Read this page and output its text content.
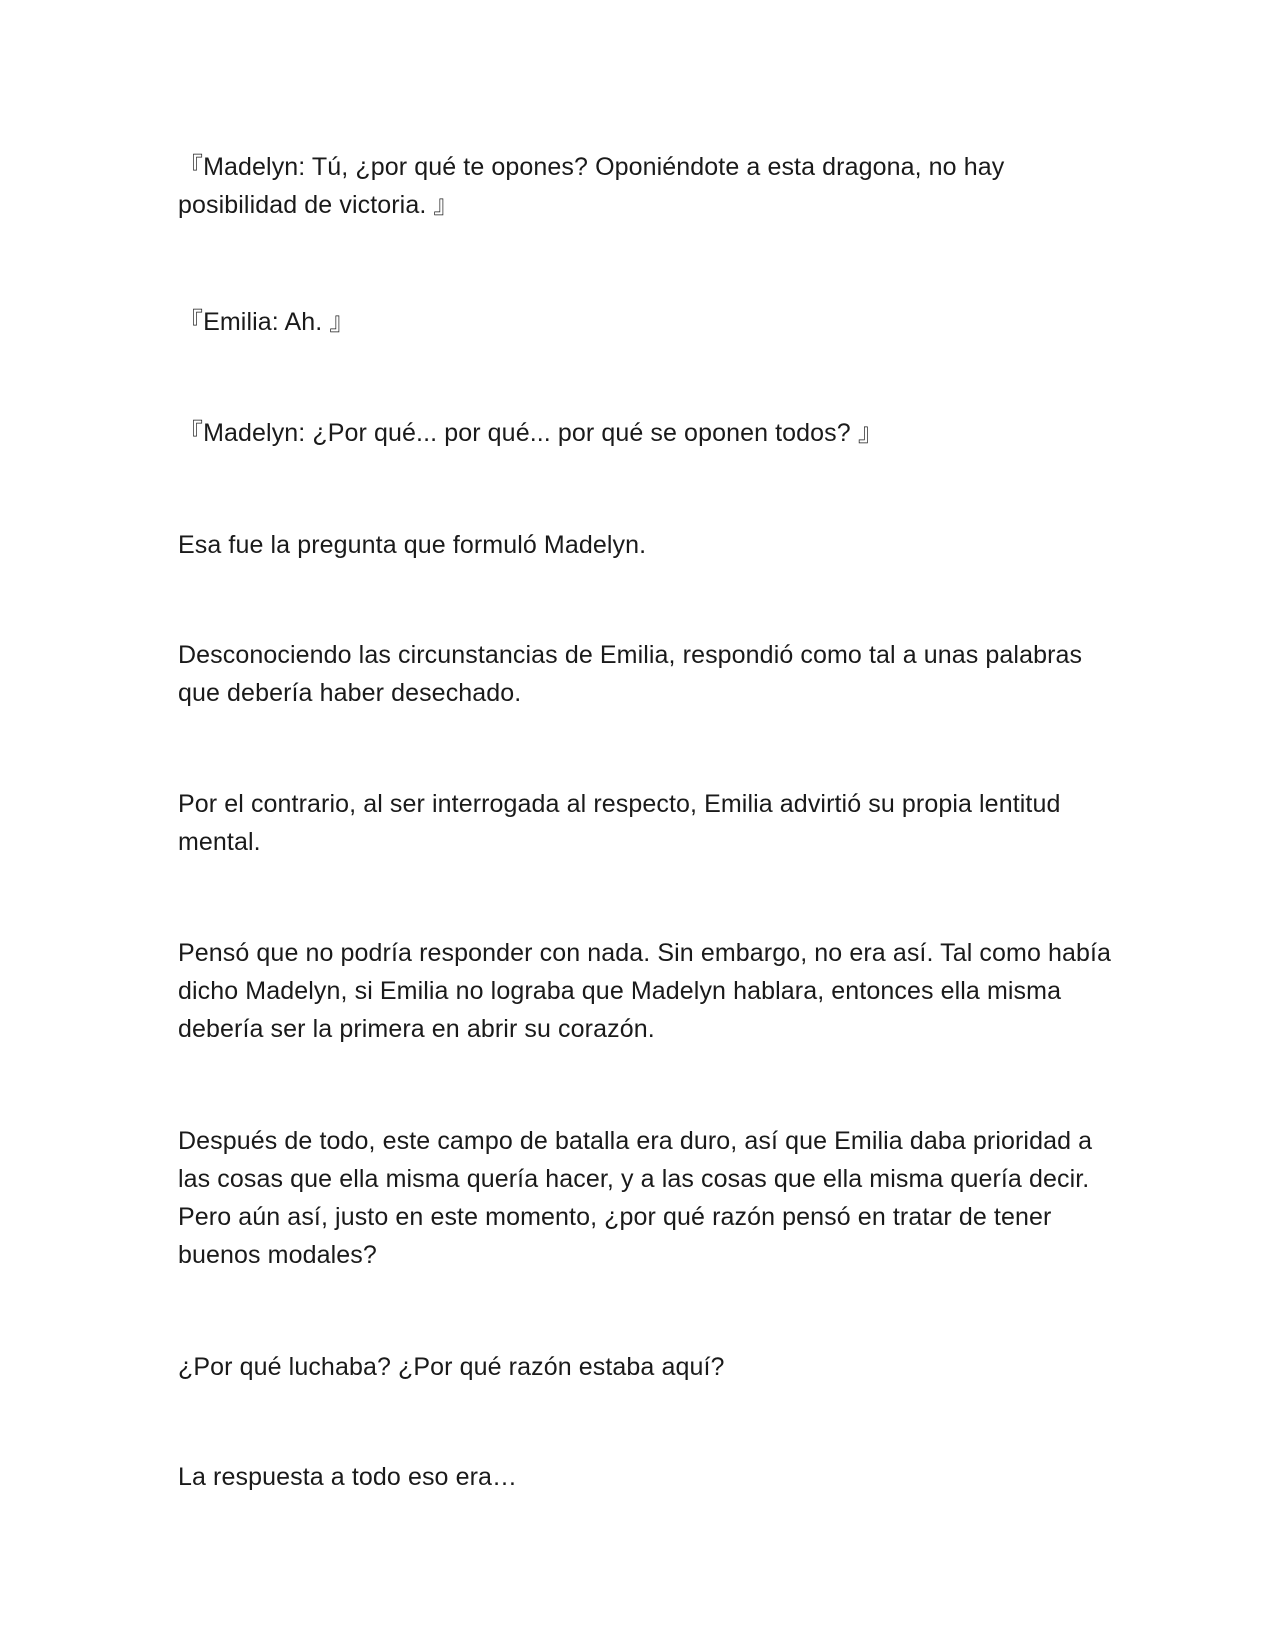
『Madelyn: Tú, ¿por qué te opones? Oponiéndote a esta dragona, no hay posibilidad de victoria. 』

『Emilia: Ah. 』

『Madelyn: ¿Por qué... por qué... por qué se oponen todos? 』

Esa fue la pregunta que formuló Madelyn.

Desconociendo las circunstancias de Emilia, respondió como tal a unas palabras que debería haber desechado.

Por el contrario, al ser interrogada al respecto, Emilia advirtió su propia lentitud mental.

Pensó que no podría responder con nada. Sin embargo, no era así. Tal como había dicho Madelyn, si Emilia no lograba que Madelyn hablara, entonces ella misma debería ser la primera en abrir su corazón.

Después de todo, este campo de batalla era duro, así que Emilia daba prioridad a las cosas que ella misma quería hacer, y a las cosas que ella misma quería decir. Pero aún así, justo en este momento, ¿por qué razón pensó en tratar de tener buenos modales?

¿Por qué luchaba? ¿Por qué razón estaba aquí?

La respuesta a todo eso era…
